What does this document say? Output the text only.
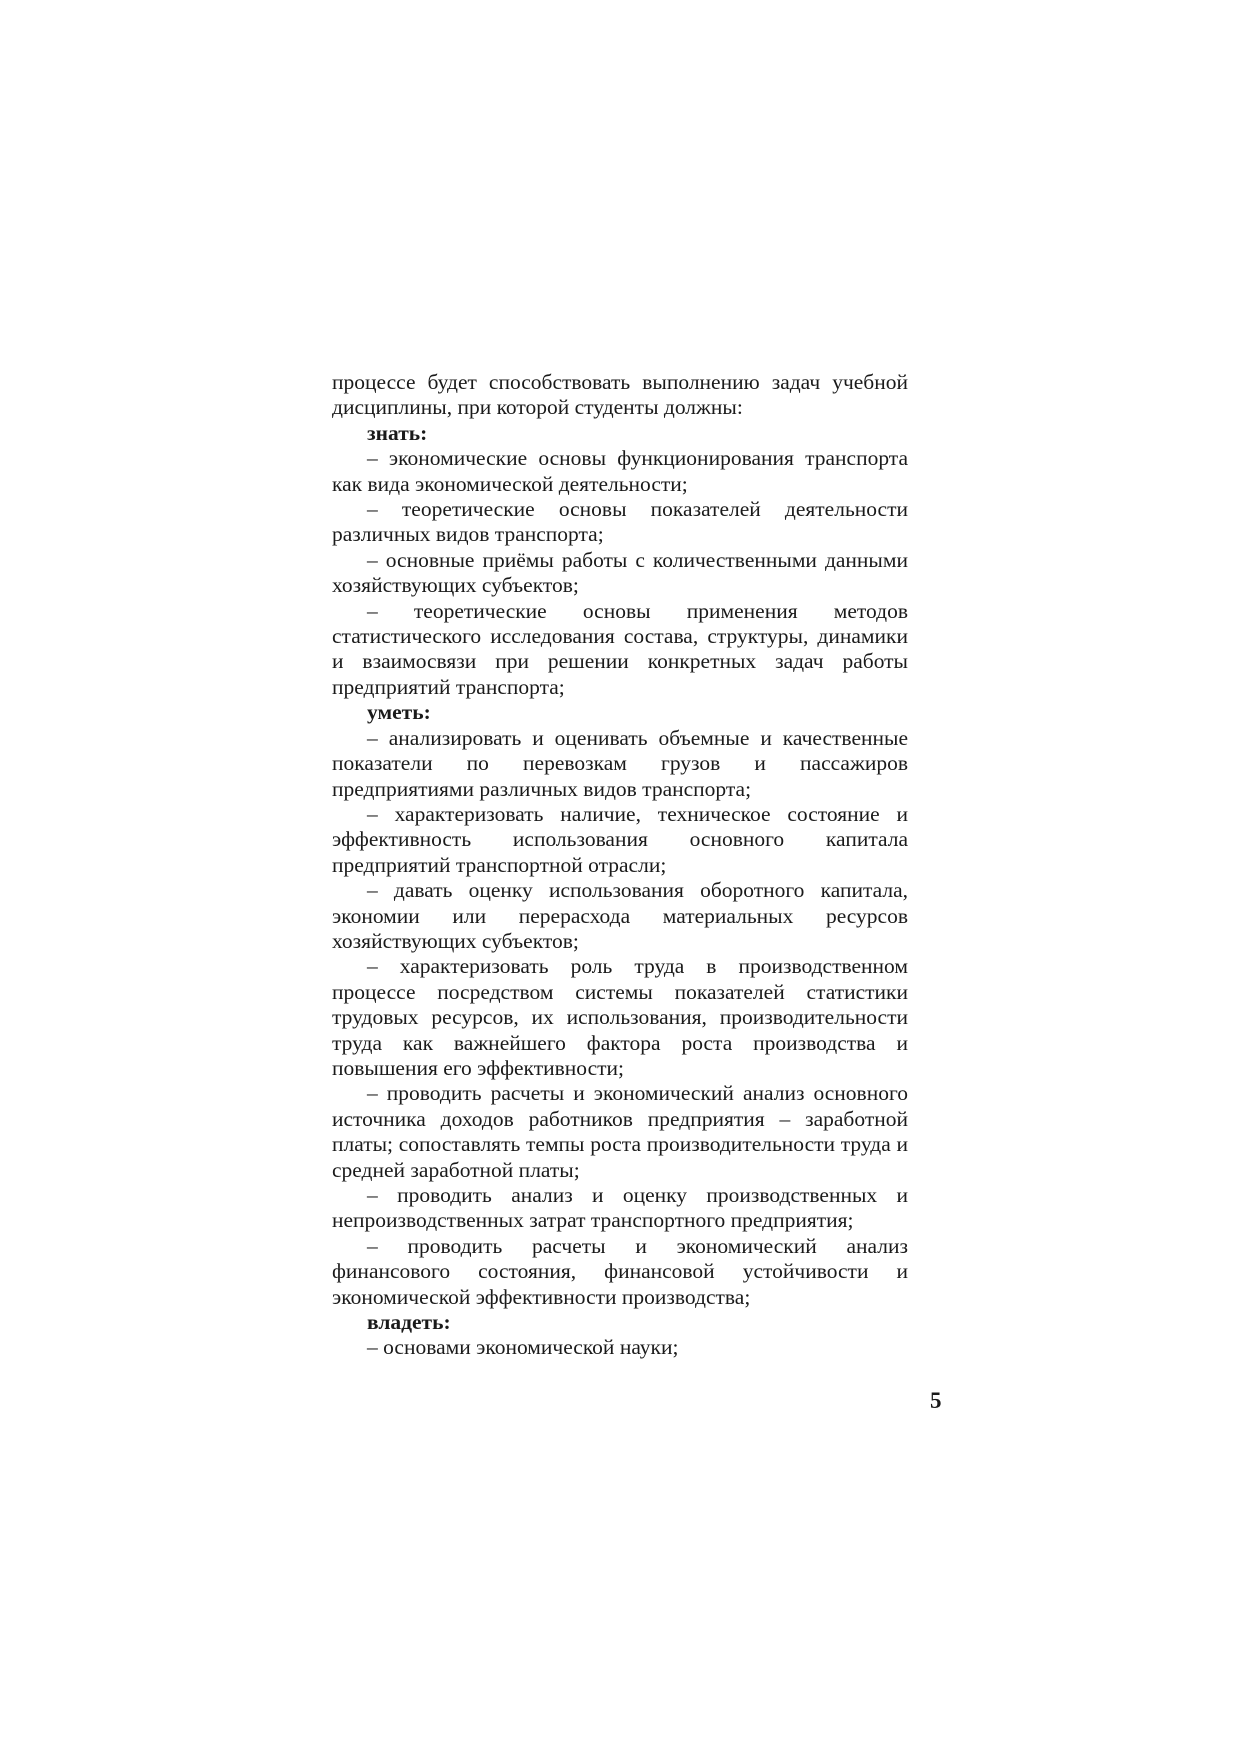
процессе будет способствовать выполнению задач учебной дисциплины, при которой студенты должны:

знать:

– экономические основы функционирования транспорта как вида экономической деятельности;

– теоретические основы показателей деятельности различных видов транспорта;

– основные приёмы работы с количественными данными хозяйствующих субъектов;

– теоретические основы применения методов статистического исследования состава, структуры, динамики и взаимосвязи при решении конкретных задач работы предприятий транспорта;

уметь:

– анализировать и оценивать объемные и качественные показатели по перевозкам грузов и пассажиров предприятиями различных видов транспорта;

– характеризовать наличие, техническое состояние и эффективность использования основного капитала предприятий транспортной отрасли;

– давать оценку использования оборотного капитала, экономии или перерасхода материальных ресурсов хозяйствующих субъектов;

– характеризовать роль труда в производственном процессе посредством системы показателей статистики трудовых ресурсов, их использования, производительности труда как важнейшего фактора роста производства и повышения его эффективности;

– проводить расчеты и экономический анализ основного источника доходов работников предприятия – заработной платы; сопоставлять темпы роста производительности труда и средней заработной платы;

– проводить анализ и оценку производственных и непроизводственных затрат транспортного предприятия;

– проводить расчеты и экономический анализ финансового состояния, финансовой устойчивости и экономической эффективности производства;

владеть:

– основами экономической науки;

5
